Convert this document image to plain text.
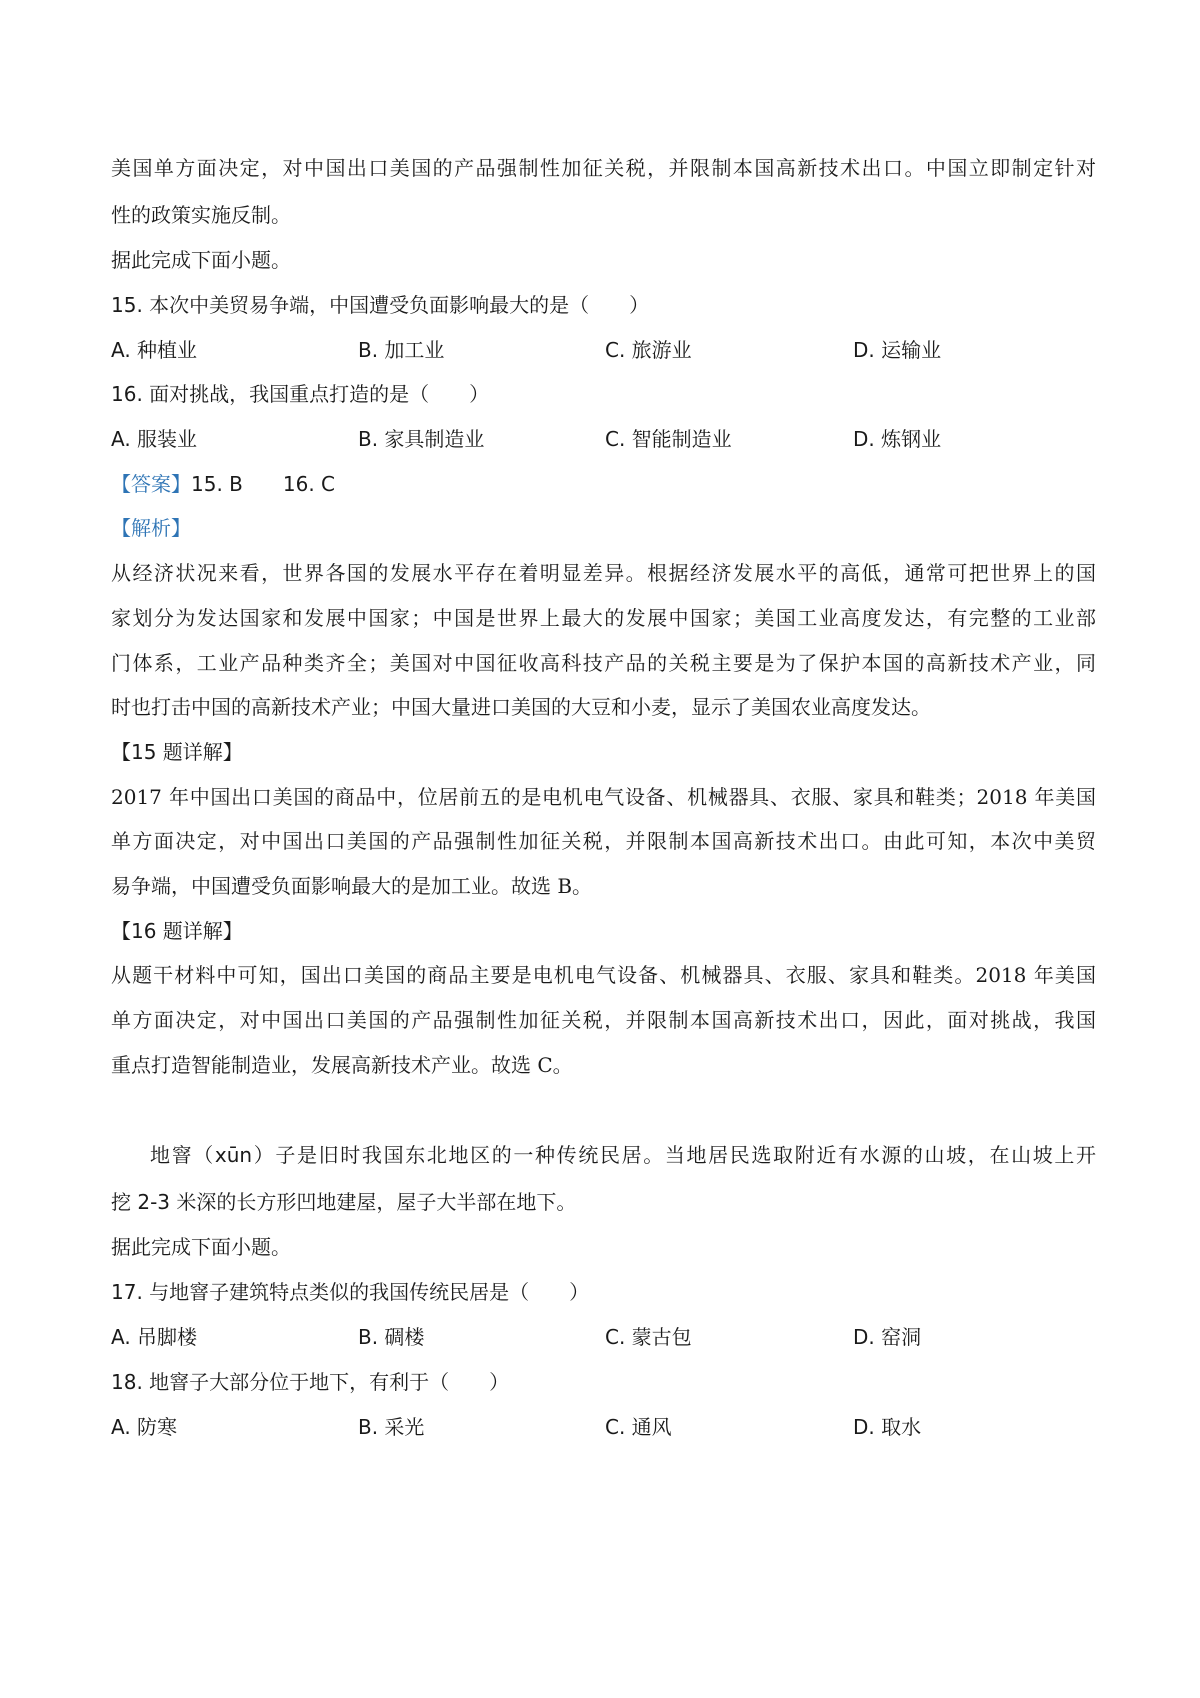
美国单方面决定，对中国出口美国的产品强制性加征关税，并限制本国高新技术出口。中国立即制定针对
性的政策实施反制。
据此完成下面小题。
15. 本次中美贸易争端，中国遭受负面影响最大的是（　　）
A. 种植业	B. 加工业	C. 旅游业	D. 运输业
16. 面对挑战，我国重点打造的是（　　）
A. 服装业	B. 家具制造业	C. 智能制造业	D. 炼钢业
【答案】15. B　　16. C
【解析】
从经济状况来看，世界各国的发展水平存在着明显差异。根据经济发展水平的高低，通常可把世界上的国
家划分为发达国家和发展中国家；中国是世界上最大的发展中国家；美国工业高度发达，有完整的工业部
门体系，工业产品种类齐全；美国对中国征收高科技产品的关税主要是为了保护本国的高新技术产业，同
时也打击中国的高新技术产业；中国大量进口美国的大豆和小麦，显示了美国农业高度发达。
【15 题详解】
2017 年中国出口美国的商品中，位居前五的是电机电气设备、机械器具、衣服、家具和鞋类；2018 年美国
单方面决定，对中国出口美国的产品强制性加征关税，并限制本国高新技术出口。由此可知，本次中美贸
易争端，中国遭受负面影响最大的是加工业。故选 B。
【16 题详解】
从题干材料中可知，国出口美国的商品主要是电机电气设备、机械器具、衣服、家具和鞋类。2018 年美国
单方面决定，对中国出口美国的产品强制性加征关税，并限制本国高新技术出口，因此，面对挑战，我国
重点打造智能制造业，发展高新技术产业。故选 C。
地窨（xūn）子是旧时我国东北地区的一种传统民居。当地居民选取附近有水源的山坡，在山坡上开
挖 2-3 米深的长方形凹地建屋，屋子大半部在地下。
据此完成下面小题。
17. 与地窨子建筑特点类似的我国传统民居是（　　）
A. 吊脚楼	B. 碉楼	C. 蒙古包	D. 窑洞
18. 地窨子大部分位于地下，有利于（　　）
A. 防寒	B. 采光	C. 通风	D. 取水
